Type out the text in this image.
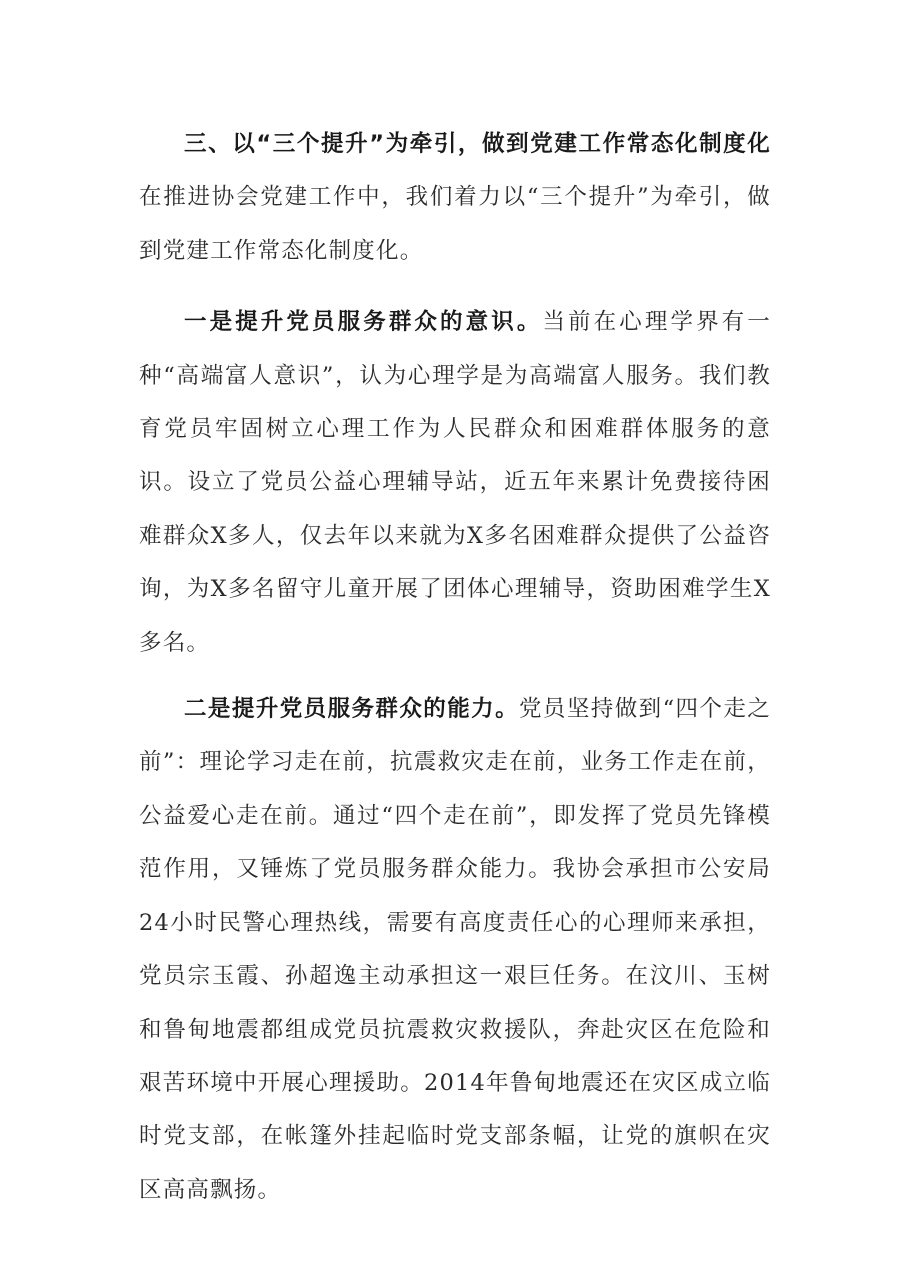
三、以“三个提升”为牵引，做到党建工作常态化制度化在推进协会党建工作中，我们着力以“三个提升”为牵引，做到党建工作常态化制度化。

一是提升党员服务群众的意识。当前在心理学界有一种“高端富人意识”，认为心理学是为高端富人服务。我们教育党员牢固树立心理工作为人民群众和困难群体服务的意识。设立了党员公益心理辅导站，近五年来累计免费接待困难群众X多人，仅去年以来就为X多名困难群众提供了公益咨询，为X多名留守儿童开展了团体心理辅导，资助困难学生X多名。

二是提升党员服务群众的能力。党员坚持做到“四个走之前”：理论学习走在前，抗震救灾走在前，业务工作走在前，公益爱心走在前。通过“四个走在前”，即发挥了党员先锋模范作用，又锤炼了党员服务群众能力。我协会承担市公安局24小时民警心理热线，需要有高度责任心的心理师来承担，党员宗玉霞、孙超逸主动承担这一艰巨任务。在汶川、玉树和鲁甸地震都组成党员抗震救灾救援队，奔赴灾区在危险和艰苦环境中开展心理援助。2014年鲁甸地震还在灾区成立临时党支部，在帐篷外挂起临时党支部条幅，让党的旗帜在灾区高高飘扬。
